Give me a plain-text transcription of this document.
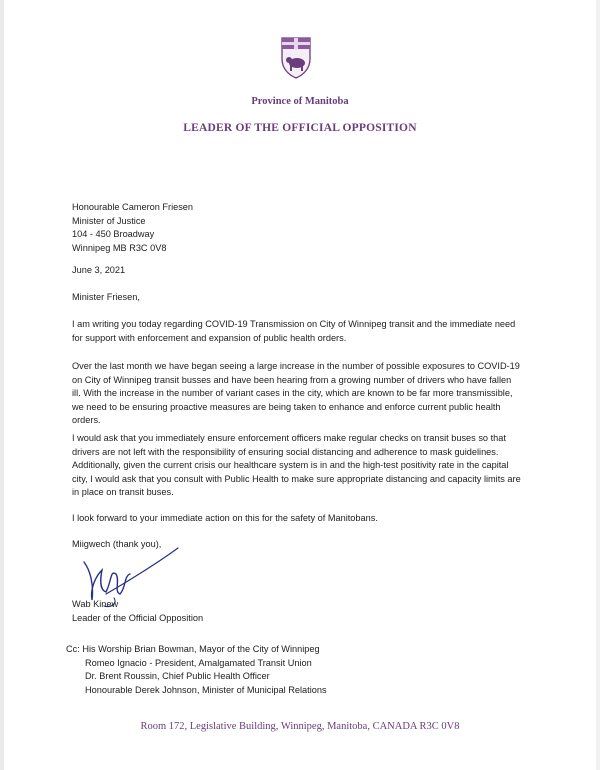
Province of Manitoba
LEADER OF THE OFFICIAL OPPOSITION
Honourable Cameron Friesen
Minister of Justice
104 - 450 Broadway
Winnipeg MB R3C 0V8
June 3, 2021
Minister Friesen,
I am writing you today regarding COVID-19 Transmission on City of Winnipeg transit and the immediate need for support with enforcement and expansion of public health orders.
Over the last month we have began seeing a large increase in the number of possible exposures to COVID-19 on City of Winnipeg transit busses and have been hearing from a growing number of drivers who have fallen ill. With the increase in the number of variant cases in the city, which are known to be far more transmissible, we need to be ensuring proactive measures are being taken to enhance and enforce current public health orders.
I would ask that you immediately ensure enforcement officers make regular checks on transit buses so that drivers are not left with the responsibility of ensuring social distancing and adherence to mask guidelines. Additionally, given the current crisis our healthcare system is in and the high-test positivity rate in the capital city, I would ask that you consult with Public Health to make sure appropriate distancing and capacity limits are in place on transit buses.
I look forward to your immediate action on this for the safety of Manitobans.
Miigwech (thank you),
Wab Kinew
Leader of the Official Opposition
Cc: His Worship Brian Bowman, Mayor of the City of Winnipeg
Romeo Ignacio - President, Amalgamated Transit Union
Dr. Brent Roussin, Chief Public Health Officer
Honourable Derek Johnson, Minister of Municipal Relations
Room 172, Legislative Building, Winnipeg, Manitoba, CANADA R3C 0V8
